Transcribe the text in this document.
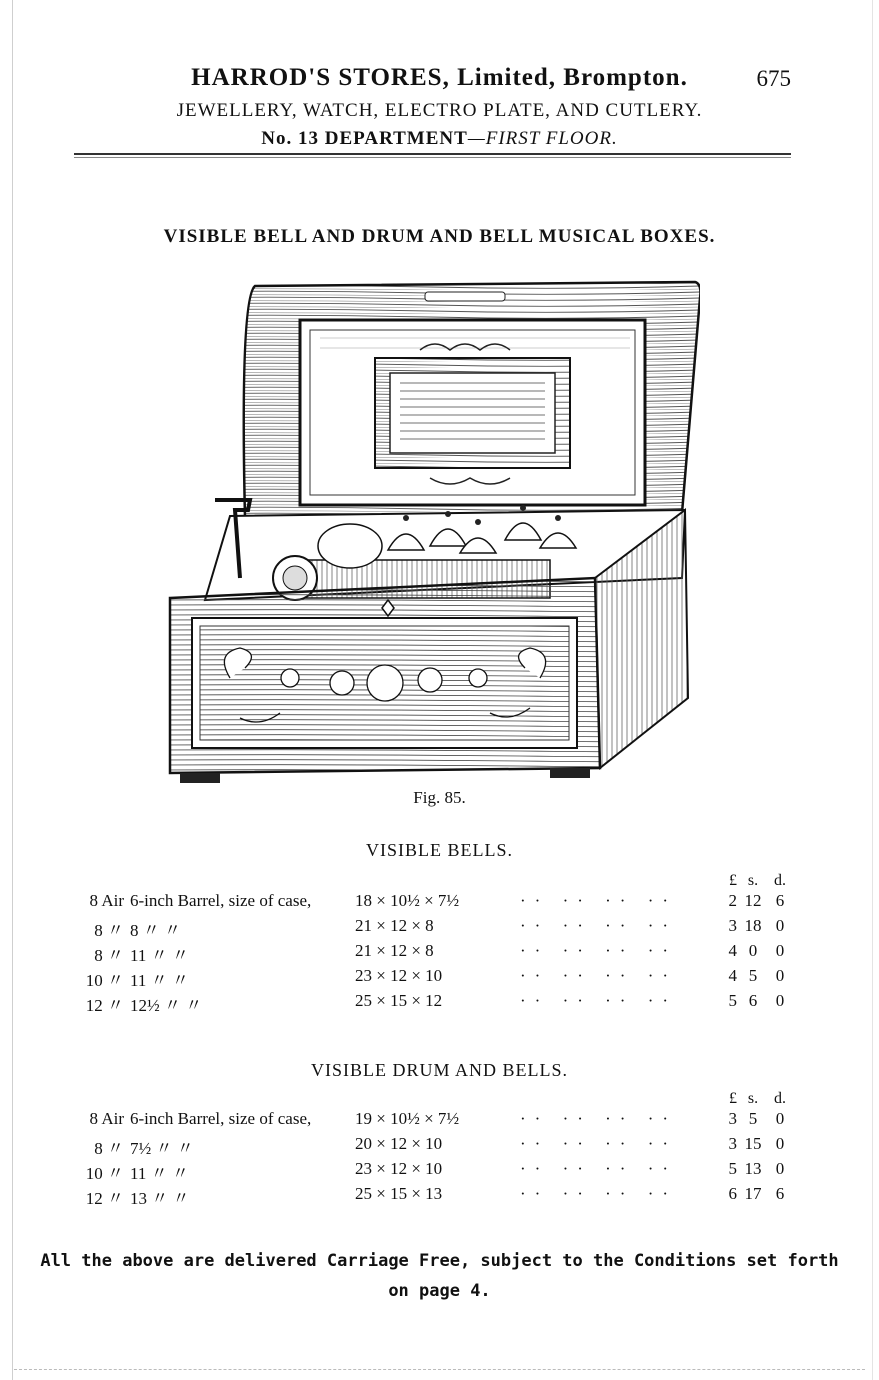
HARROD'S STORES, Limited, Brompton.	675
JEWELLERY, WATCH, ELECTRO PLATE, AND CUTLERY.
No. 13 DEPARTMENT—FIRST FLOOR.
VISIBLE BELL AND DRUM AND BELL MUSICAL BOXES.
Fig. 85.
VISIBLE BELLS.
£ s. d.
8 Air 6-inch Barrel, size of case,	18 × 10½ × 7½	·· ·· ·· ··	2 12 6
8 〃 8 〃 〃	21 × 12 × 8	·· ·· ·· ··	3 18 0
8 〃 11 〃 〃	21 × 12 × 8	·· ·· ·· ··	4 0	0
10 〃 11 〃 〃	23 × 12 × 10	·· ·· ·· ··	4 5	0
12 〃 12½ 〃 〃	25 × 15 × 12	·· ·· ·· ··	5 6	0
VISIBLE DRUM AND BELLS.
£ s. d.
8 Air 6-inch Barrel, size of case,	19 × 10½ × 7½	·· ·· ·· ··	3 5	0
8 〃 7½ 〃 〃	20 × 12 × 10	·· ·· ·· ··	3 15 0
10 〃 11 〃 〃	23 × 12 × 10	·· ·· ·· ··	5 13 0
12 〃 13 〃 〃	25 × 15 × 13	·· ·· ·· ··	6 17 6
All the above are delivered Carriage Free, subject to the Conditions set forth on page 4.
